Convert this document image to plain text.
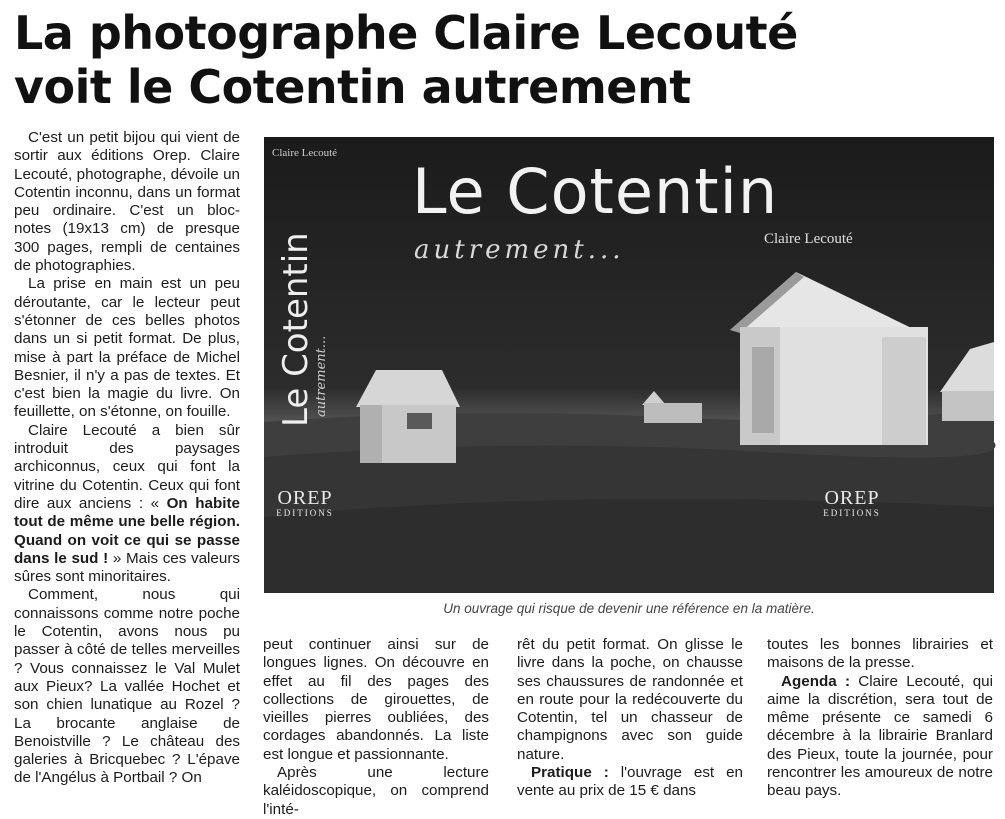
La photographe Claire Lecouté
voit le Cotentin autrement

C'est un petit bijou qui vient de sortir aux éditions Orep. Claire Lecouté, photographe, dévoile un Cotentin inconnu, dans un format peu ordinaire. C'est un bloc-notes (19x13 cm) de presque 300 pages, rempli de centaines de photographies.

La prise en main est un peu déroutante, car le lecteur peut s'étonner de ces belles photos dans un si petit format. De plus, mise à part la préface de Michel Besnier, il n'y a pas de textes. Et c'est bien la magie du livre. On feuillette, on s'étonne, on fouille.

Claire Lecouté a bien sûr introduit des paysages archiconnus, ceux qui font la vitrine du Cotentin. Ceux qui font dire aux anciens : « On habite tout de même une belle région. Quand on voit ce qui se passe dans le sud ! » Mais ces valeurs sûres sont minoritaires.

Comment, nous qui connaissons comme notre poche le Cotentin, avons nous pu passer à côté de telles merveilles ? Vous connaissez le Val Mulet aux Pieux? La vallée Hochet et son chien lunatique au Rozel ? La brocante anglaise de Benoistville ? Le château des galeries à Bricquebec ? L'épave de l'Angélus à Portbail ? On

Claire Lecouté
Le Cotentin
autrement...	Claire Lecouté
Le Cotentin
autrement...
OREP
EDITIONS
OREP
EDITIONS
Un ouvrage qui risque de devenir une référence en la matière.

peut continuer ainsi sur de longues lignes. On découvre en effet au fil des pages des collections de girouettes, de vieilles pierres oubliées, des cordages abandonnés. La liste est longue et passionnante.

Après une lecture kaléidoscopique, on comprend l'inté-

rêt du petit format. On glisse le livre dans la poche, on chausse ses chaussures de randonnée et en route pour la redécouverte du Cotentin, tel un chasseur de champignons avec son guide nature.

Pratique : l'ouvrage est en vente au prix de 15 € dans

toutes les bonnes librairies et maisons de la presse.

Agenda : Claire Lecouté, qui aime la discrétion, sera tout de même présente ce samedi 6 décembre à la librairie Branlard des Pieux, toute la journée, pour rencontrer les amoureux de notre beau pays.
